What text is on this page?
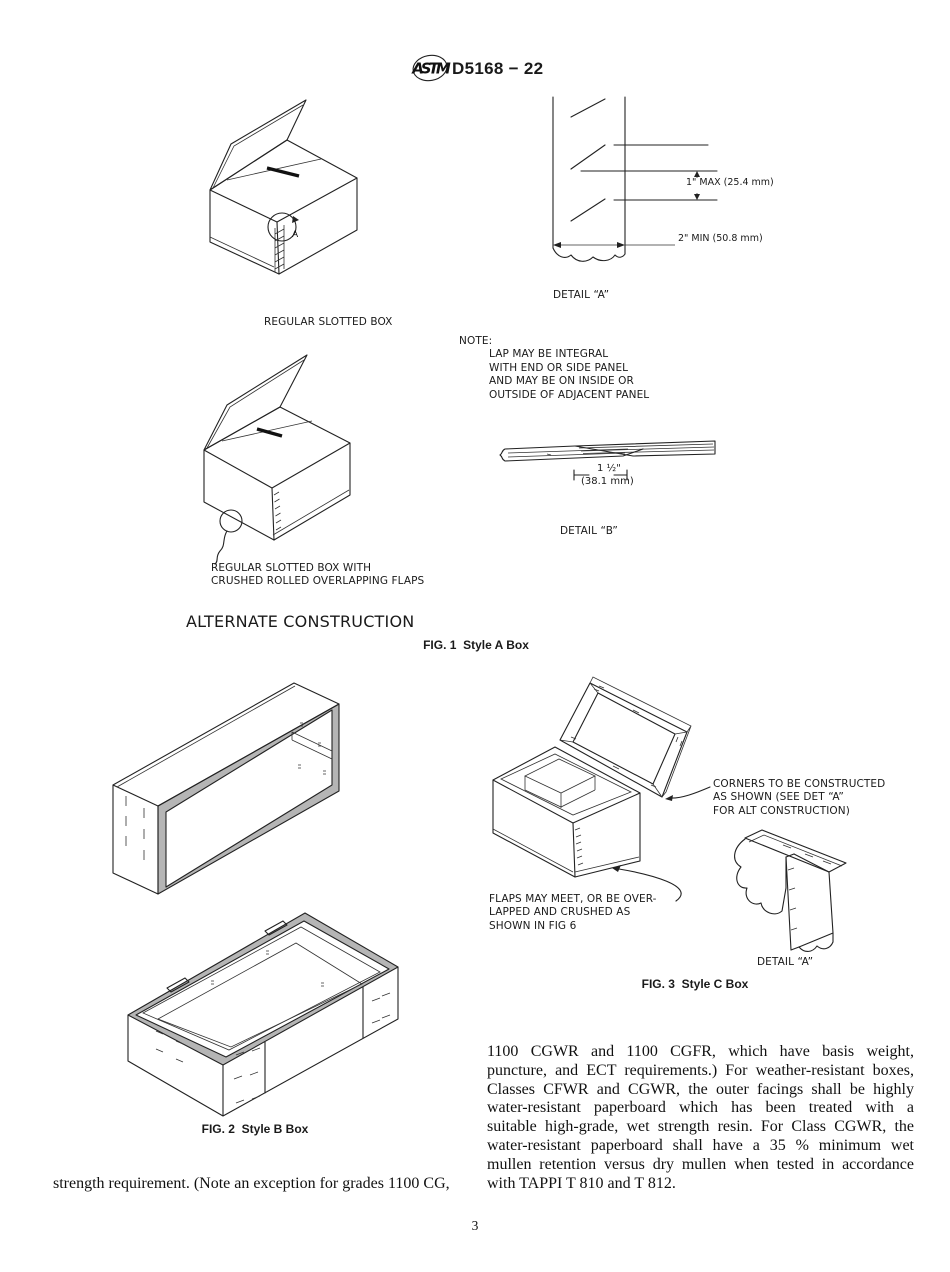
ASTM D5168 − 22
A
REGULAR SLOTTED BOX
1" MAX (25.4 mm)
2" MIN (50.8 mm)
DETAIL “A”
NOTE:
LAP MAY BE INTEGRAL
WITH END OR SIDE PANEL
AND MAY BE ON INSIDE OR
OUTSIDE OF ADJACENT PANEL
1 ½"
(38.1 mm)
DETAIL “B”
REGULAR SLOTTED BOX WITH
CRUSHED ROLLED OVERLAPPING FLAPS
ALTERNATE CONSTRUCTION
FIG. 1  Style A Box
FIG. 2  Style B Box
CORNERS TO BE CONSTRUCTED
AS SHOWN (SEE DET “A”
FOR ALT CONSTRUCTION)
FLAPS MAY MEET, OR BE OVER-
LAPPED AND CRUSHED AS
SHOWN IN FIG 6
DETAIL “A”
FIG. 3  Style C Box
strength requirement. (Note an exception for grades 1100 CG,
1100 CGWR and 1100 CGFR, which have basis weight,
puncture, and ECT requirements.) For weather-resistant boxes,
Classes CFWR and CGWR, the outer facings shall be highly
water-resistant paperboard which has been treated with a
suitable high-grade, wet strength resin. For Class CGWR, the
water-resistant paperboard shall have a 35 % minimum wet
mullen retention versus dry mullen when tested in accordance
with TAPPI T 810 and T 812.
3
